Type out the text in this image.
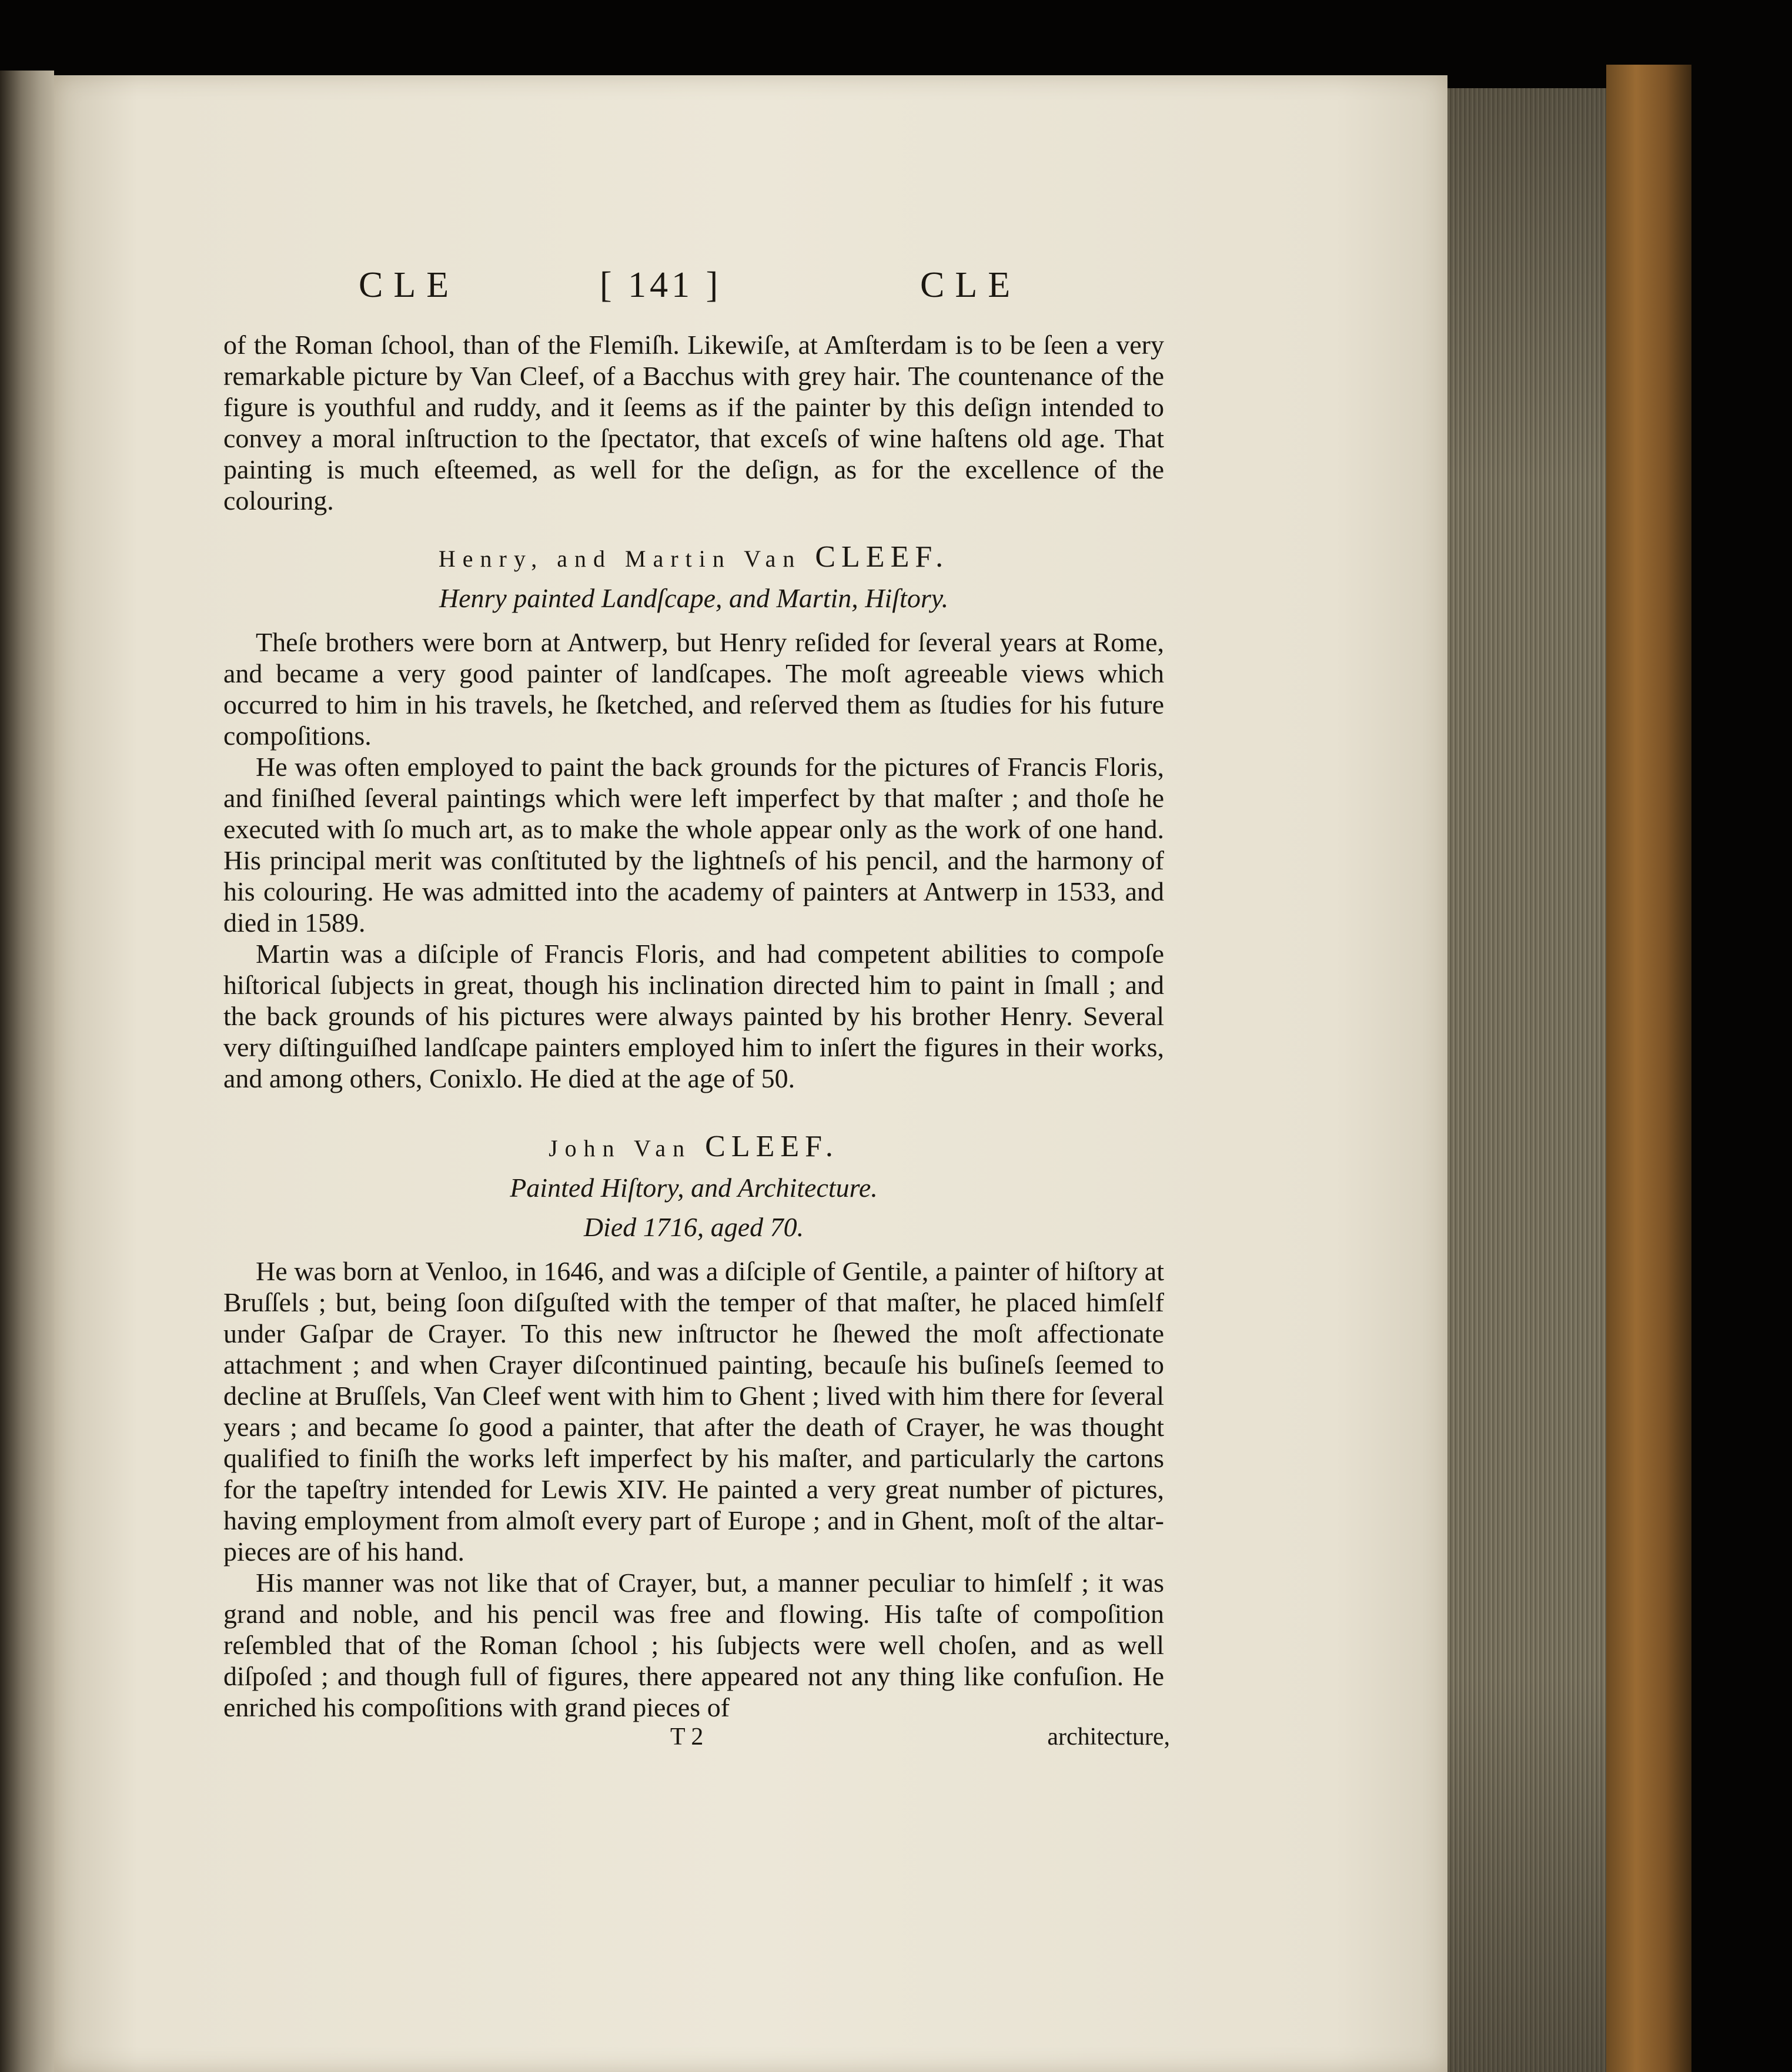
CLE	[ 141 ]	CLE

of the Roman ſchool, than of the Flemiſh. Likewiſe, at Amſterdam is to be ſeen a very remarkable picture by Van Cleef, of a Bacchus with grey hair. The countenance of the figure is youthful and ruddy, and it ſeems as if the painter by this deſign intended to convey a moral inſtruction to the ſpectator, that exceſs of wine haſtens old age. That painting is much eſteemed, as well for the deſign, as for the excellence of the colouring.

Henry, and Martin Van CLEEF.
Henry painted Landſcape, and Martin, Hiſtory.

Theſe brothers were born at Antwerp, but Henry reſided for ſeveral years at Rome, and became a very good painter of landſcapes. The moſt agreeable views which occurred to him in his travels, he ſketched, and reſerved them as ſtudies for his future compoſitions.

He was often employed to paint the back grounds for the pictures of Francis Floris, and finiſhed ſeveral paintings which were left imperfect by that maſter ; and thoſe he executed with ſo much art, as to make the whole appear only as the work of one hand. His principal merit was conſtituted by the lightneſs of his pencil, and the harmony of his colouring. He was admitted into the academy of painters at Antwerp in 1533, and died in 1589.

Martin was a diſciple of Francis Floris, and had competent abilities to compoſe hiſtorical ſubjects in great, though his inclination directed him to paint in ſmall ; and the back grounds of his pictures were always painted by his brother Henry. Several very diſtinguiſhed landſcape painters employed him to inſert the figures in their works, and among others, Conixlo. He died at the age of 50.

John Van CLEEF.
Painted Hiſtory, and Architecture.
Died 1716, aged 70.

He was born at Venloo, in 1646, and was a diſciple of Gentile, a painter of hiſtory at Bruſſels ; but, being ſoon diſguſted with the temper of that maſter, he placed himſelf under Gaſpar de Crayer. To this new inſtructor he ſhewed the moſt affectionate attachment ; and when Crayer diſcontinued painting, becauſe his buſineſs ſeemed to decline at Bruſſels, Van Cleef went with him to Ghent ; lived with him there for ſeveral years ; and became ſo good a painter, that after the death of Crayer, he was thought qualified to finiſh the works left imperfect by his maſter, and particularly the cartons for the tapeſtry intended for Lewis XIV. He painted a very great number of pictures, having employment from almoſt every part of Europe ; and in Ghent, moſt of the altar-pieces are of his hand.

His manner was not like that of Crayer, but, a manner peculiar to himſelf ; it was grand and noble, and his pencil was free and flowing. His taſte of compoſition reſembled that of the Roman ſchool ; his ſubjects were well choſen, and as well diſpoſed ; and though full of figures, there appeared not any thing like confuſion. He enriched his compoſitions with grand pieces of

T 2	architecture,
